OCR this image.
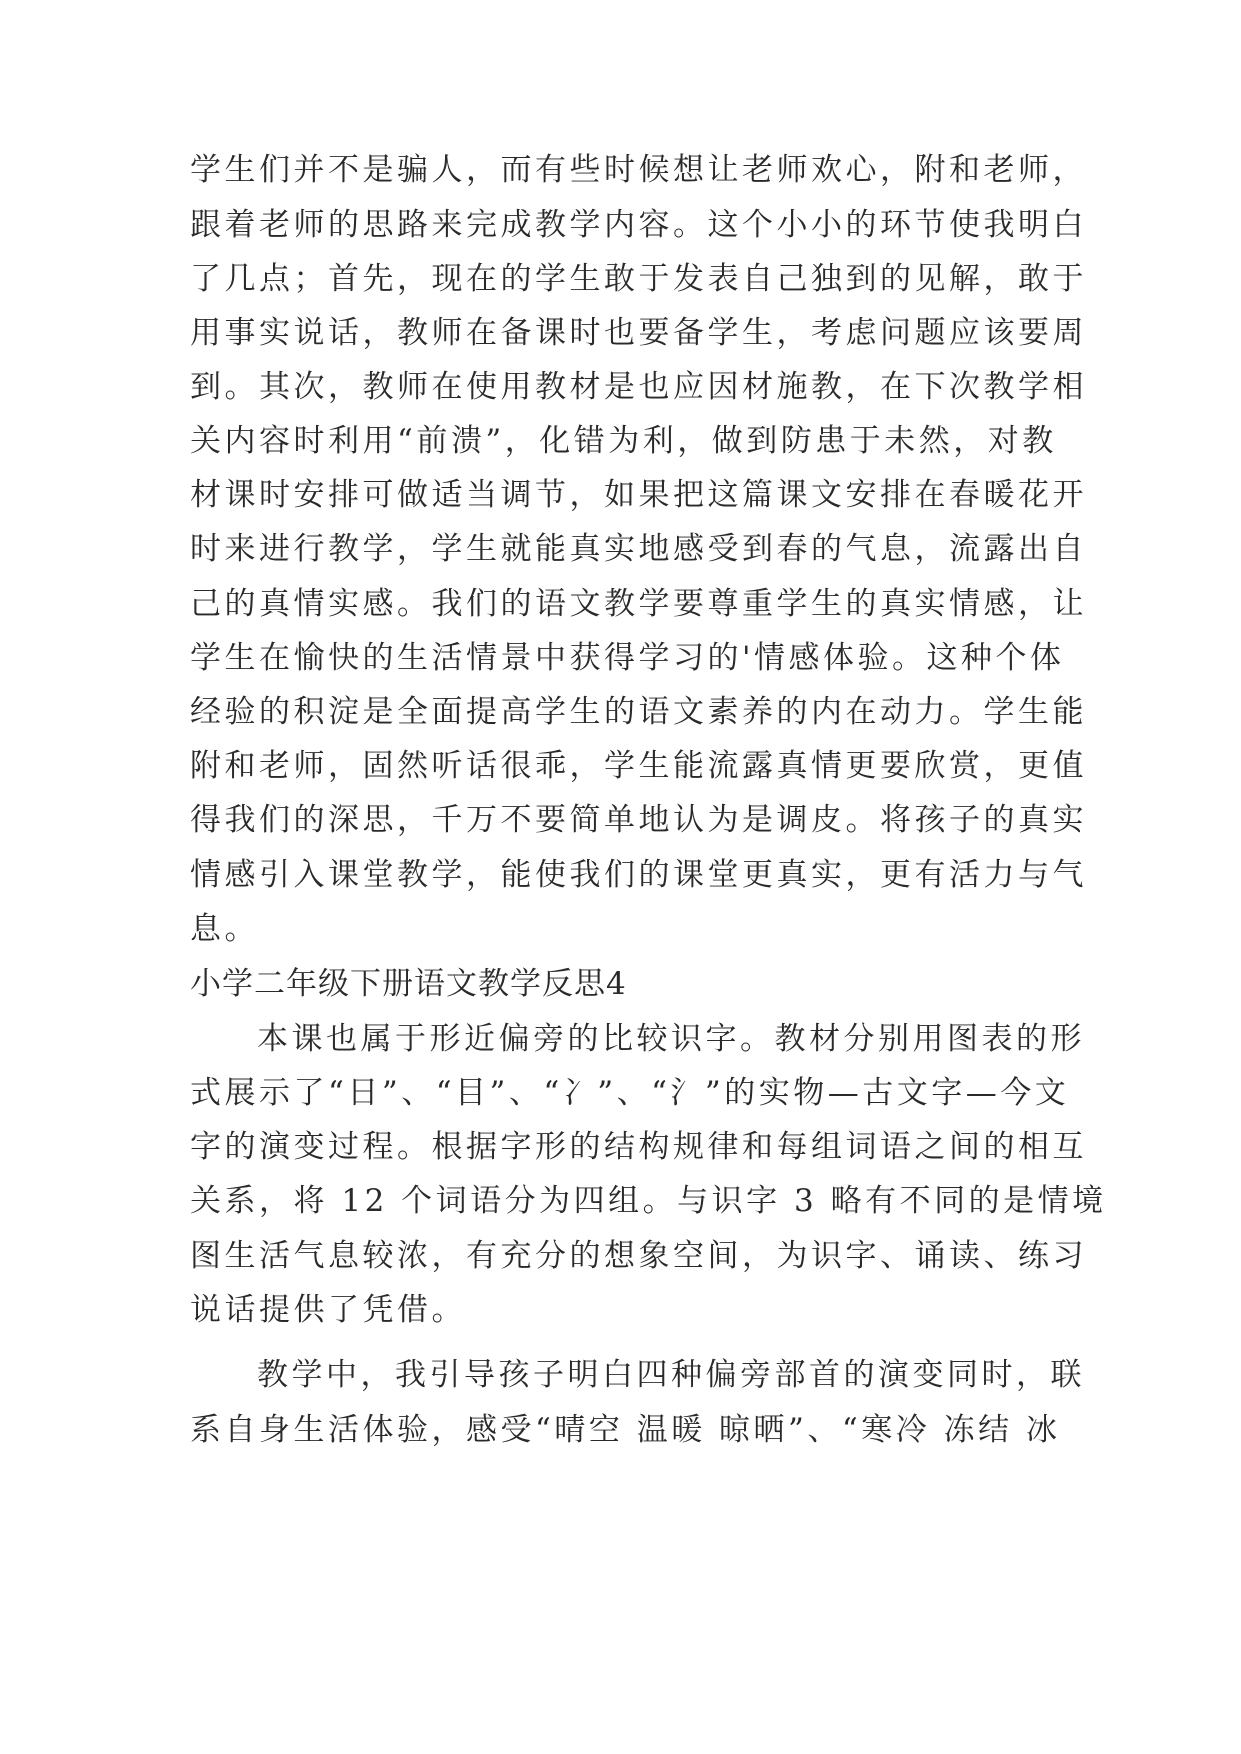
学生们并不是骗人，而有些时候想让老师欢心，附和老师，
跟着老师的思路来完成教学内容。这个小小的环节使我明白
了几点；首先，现在的学生敢于发表自己独到的见解，敢于
用事实说话，教师在备课时也要备学生，考虑问题应该要周
到。其次，教师在使用教材是也应因材施教，在下次教学相
关内容时利用“前溃”，化错为利，做到防患于未然，对教
材课时安排可做适当调节，如果把这篇课文安排在春暖花开
时来进行教学，学生就能真实地感受到春的气息，流露出自
己的真情实感。我们的语文教学要尊重学生的真实情感，让
学生在愉快的生活情景中获得学习的'情感体验。这种个体
经验的积淀是全面提高学生的语文素养的内在动力。学生能
附和老师，固然听话很乖，学生能流露真情更要欣赏，更值
得我们的深思，千万不要简单地认为是调皮。将孩子的真实
情感引入课堂教学，能使我们的课堂更真实，更有活力与气
息。
小学二年级下册语文教学反思4
本课也属于形近偏旁的比较识字。教材分别用图表的形
式展示了“日”、“目”、“冫”、“氵”的实物—古文字—今文
字的演变过程。根据字形的结构规律和每组词语之间的相互
关系，将 12 个词语分为四组。与识字 3 略有不同的是情境
图生活气息较浓，有充分的想象空间，为识字、诵读、练习
说话提供了凭借。
教学中，我引导孩子明白四种偏旁部首的演变同时，联
系自身生活体验，感受“晴空 温暖 晾晒”、“寒冷 冻结 冰
